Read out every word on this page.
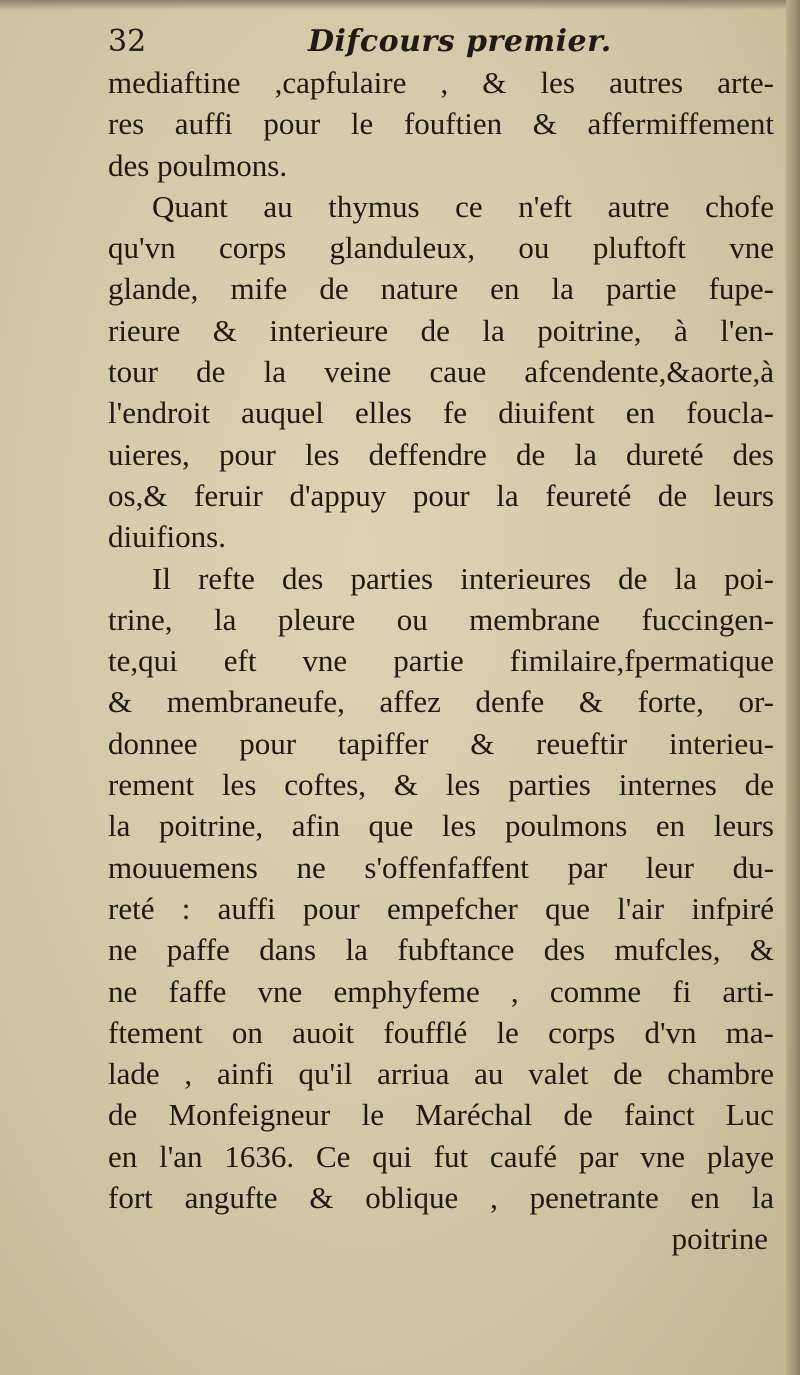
32	Difcours premier.
mediaftine ,capfulaire , & les autres arte-
res auffi pour le fouftien & affermiffement
des poulmons.
Quant au thymus ce n'eft autre chofe
qu'vn corps glanduleux, ou pluftoft vne
glande, mife de nature en la partie fupe-
rieure & interieure de la poitrine, à l'en-
tour de la veine caue afcendente,&aorte,à
l'endroit auquel elles fe diuifent en foucla-
uieres, pour les deffendre de la dureté des
os,& feruir d'appuy pour la feureté de leurs
diuifions.
Il refte des parties interieures de la poi-
trine, la pleure ou membrane fuccingen-
te,qui eft vne partie fimilaire,fpermatique
& membraneufe, affez denfe & forte, or-
donnee pour tapiffer & reueftir interieu-
rement les coftes, & les parties internes de
la poitrine, afin que les poulmons en leurs
mouuemens ne s'offenfaffent par leur du-
reté : auffi pour empefcher que l'air infpiré
ne paffe dans la fubftance des mufcles, &
ne faffe vne emphyfeme , comme fi arti-
ftement on auoit foufflé le corps d'vn ma-
lade , ainfi qu'il arriua au valet de chambre
de Monfeigneur le Maréchal de fainct Luc
en l'an 1636. Ce qui fut caufé par vne playe
fort angufte & oblique , penetrante en la
poitrine
